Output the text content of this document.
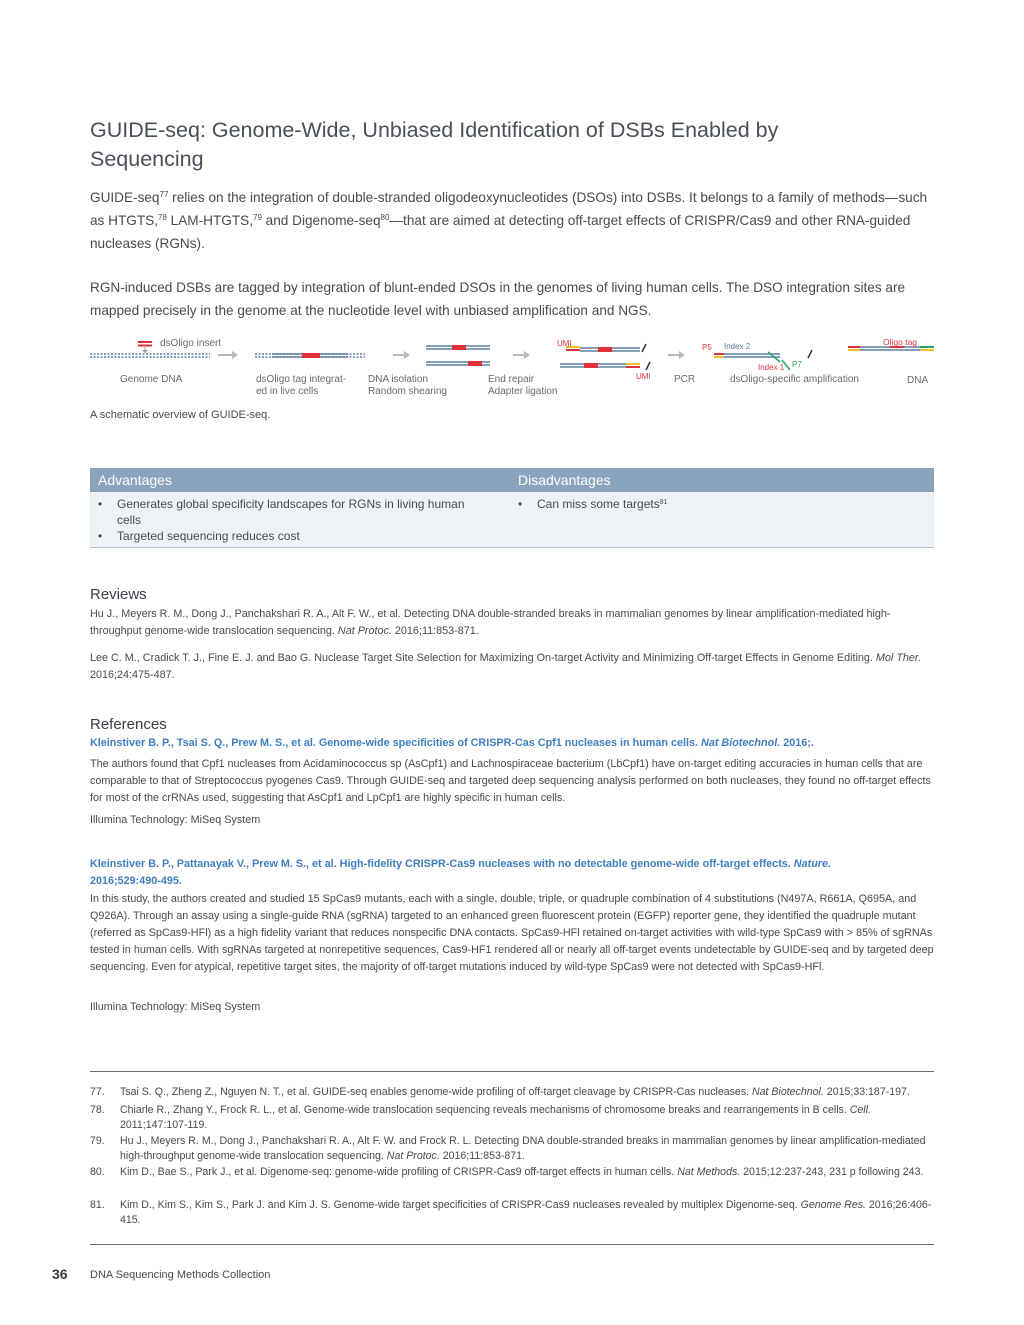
GUIDE-seq: Genome-Wide, Unbiased Identification of DSBs Enabled by Sequencing

GUIDE-seq$^{77}$ relies on the integration of double-stranded oligodeoxynucleotides (DSOs) into DSBs. It belongs to a family of methods—such as HTGTS,$^{78}$ LAM-HTGTS,$^{79}$ and Digenome-seq$^{80}$—that are aimed at detecting off-target effects of CRISPR/Cas9 and other RNA-guided nucleases (RGNs).

RGN-induced DSBs are tagged by integration of blunt-ended DSOs in the genomes of living human cells. The DSO integration sites are mapped precisely in the genome at the nucleotide level with unbiased amplification and NGS.

dsOligo insert	UMI
UMI
P5 Index 2
Index 1 P7
Oligo tag
Genome DNA	dsOligo tag integrat-
ed in live cells
DNA isolation
Random shearing
End repair
Adapter ligation
PCR	dsOligo-specific amplification	DNA
A schematic overview of GUIDE-seq.
Advantages	Disadvantages
• Generates global specificity landscapes for RGNs in living human cells
• Targeted sequencing reduces cost
• Can miss some targets$^{81}$
Reviews

Hu J., Meyers R. M., Dong J., Panchakshari R. A., Alt F. W., et al. Detecting DNA double-stranded breaks in mammalian genomes by linear amplification-mediated high-throughput genome-wide translocation sequencing. Nat Protoc. 2016;11:853-871.

Lee C. M., Cradick T. J., Fine E. J. and Bao G. Nuclease Target Site Selection for Maximizing On-target Activity and Minimizing Off-target Effects in Genome Editing. Mol Ther. 2016;24:475-487.

References

Kleinstiver B. P., Tsai S. Q., Prew M. S., et al. Genome-wide specificities of CRISPR-Cas Cpf1 nucleases in human cells. Nat Biotechnol. 2016;.

The authors found that Cpf1 nucleases from Acidaminococcus sp (AsCpf1) and Lachnospiraceae bacterium (LbCpf1) have on-target editing accuracies in human cells that are comparable to that of Streptococcus pyogenes Cas9. Through GUIDE-seq and targeted deep sequencing analysis performed on both nucleases, they found no off-target effects for most of the crRNAs used, suggesting that AsCpf1 and LpCpf1 are highly specific in human cells.

Illumina Technology: MiSeq System

Kleinstiver B. P., Pattanayak V., Prew M. S., et al. High-fidelity CRISPR-Cas9 nucleases with no detectable genome-wide off-target effects. Nature. 2016;529:490-495.

In this study, the authors created and studied 15 SpCas9 mutants, each with a single, double, triple, or quadruple combination of 4 substitutions (N497A, R661A, Q695A, and Q926A). Through an assay using a single-guide RNA (sgRNA) targeted to an enhanced green fluorescent protein (EGFP) reporter gene, they identified the quadruple mutant (referred as SpCas9-HFl) as a high fidelity variant that reduces nonspecific DNA contacts. SpCas9-HFl retained on-target activities with wild-type SpCas9 with > 85% of sgRNAs tested in human cells. With sgRNAs targeted at nonrepetitive sequences, Cas9-HF1 rendered all or nearly all off-target events undetectable by GUIDE-seq and by targeted deep sequencing. Even for atypical, repetitive target sites, the majority of off-target mutations induced by wild-type SpCas9 were not detected with SpCas9-HFl.

Illumina Technology: MiSeq System

77.	Tsai S. Q., Zheng Z., Nguyen N. T., et al. GUIDE-seq enables genome-wide profiling of off-target cleavage by CRISPR-Cas nucleases. Nat Biotechnol. 2015;33:187-197.
78.	Chiarle R., Zhang Y., Frock R. L., et al. Genome-wide translocation sequencing reveals mechanisms of chromosome breaks and rearrangements in B cells. Cell. 2011;147:107-119.
79.	Hu J., Meyers R. M., Dong J., Panchakshari R. A., Alt F. W. and Frock R. L. Detecting DNA double-stranded breaks in mammalian genomes by linear amplification-mediated high-throughput genome-wide translocation sequencing. Nat Protoc. 2016;11:853-871.
80.	Kim D., Bae S., Park J., et al. Digenome-seq: genome-wide profiling of CRISPR-Cas9 off-target effects in human cells. Nat Methods. 2015;12:237-243, 231 p following 243.
81.	Kim D., Kim S., Kim S., Park J. and Kim J. S. Genome-wide target specificities of CRISPR-Cas9 nucleases revealed by multiplex Digenome-seq. Genome Res. 2016;26:406-415.
36 DNA Sequencing Methods Collection
